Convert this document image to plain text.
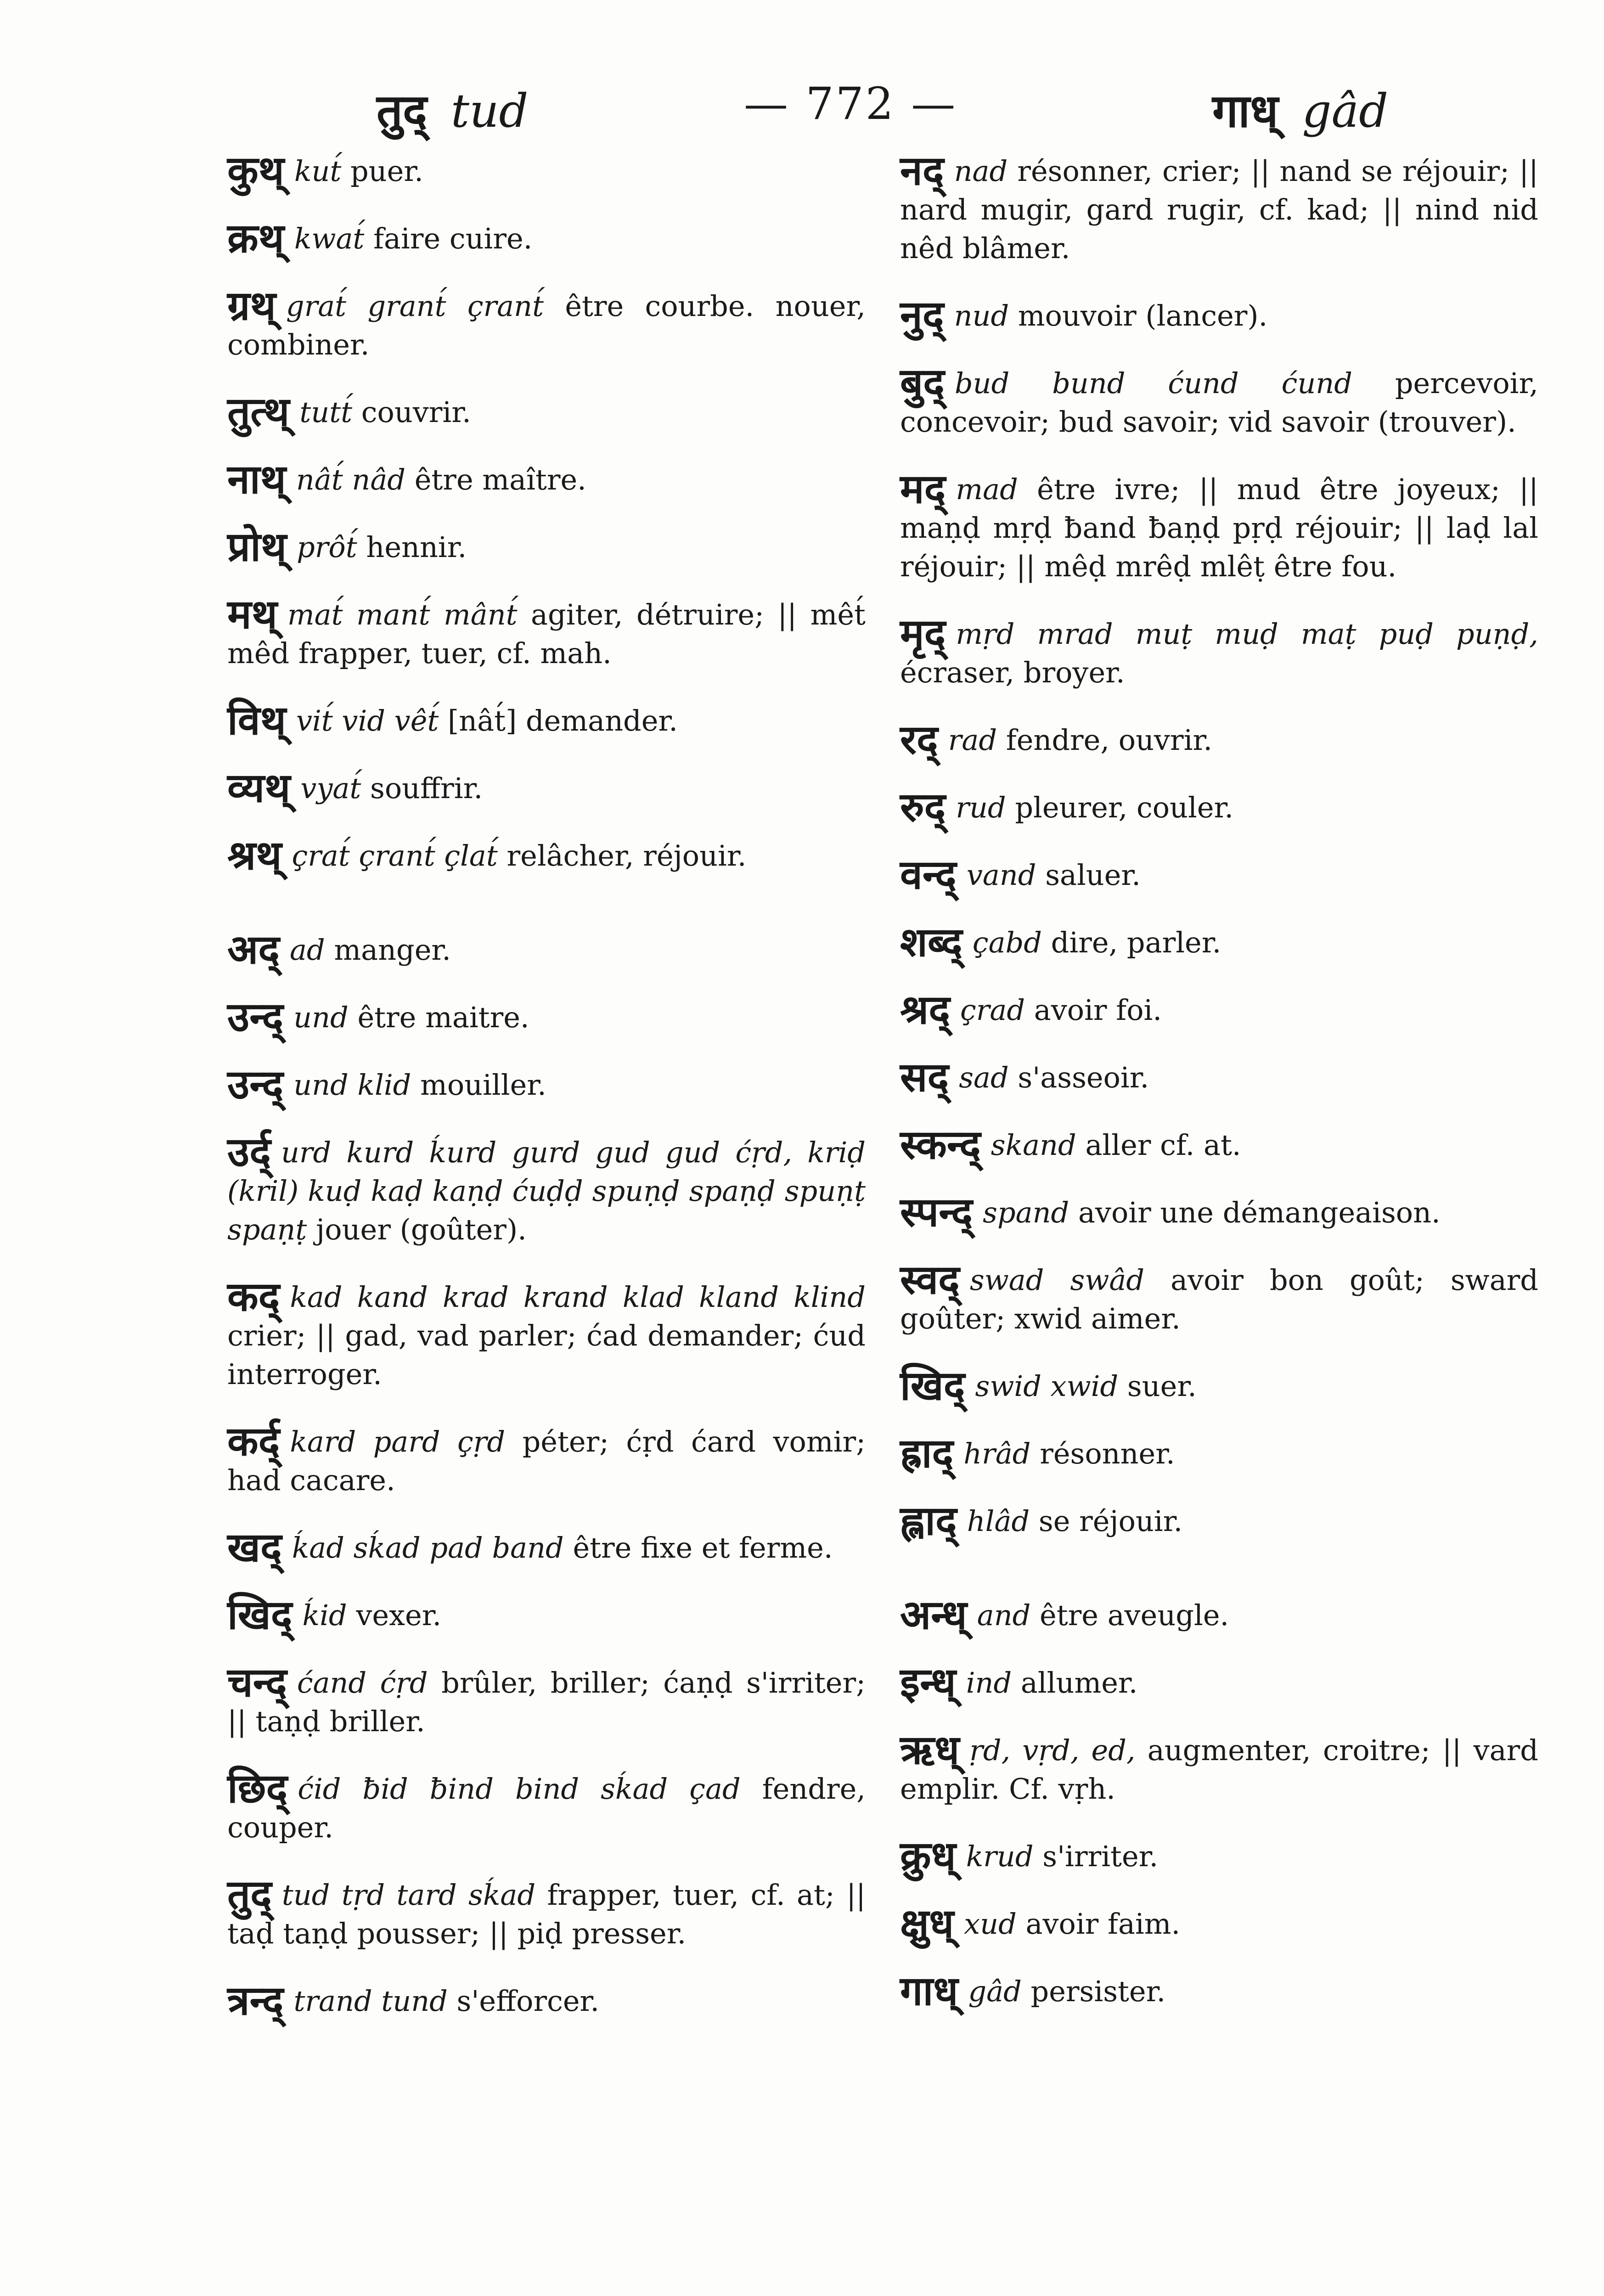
तुद् tud	— 772 —	गाध् gâd
कुथ् kut́ puer.
क्रथ् kwat́ faire cuire.
ग्रथ् grat́ grant́ çrant́ être courbe. nouer, combiner.
तुत्थ् tutt́ couvrir.
नाथ् nât́ nâd être maître.
प्रोथ् prôt́ hennir.
मथ् mat́ mant́ mânt́ agiter, détruire; || mêt́ mêd frapper, tuer, cf. mah.
विथ् vit́ vid vêt́ [nât́] demander.
व्यथ् vyat́ souffrir.
श्रथ् çrat́ çrant́ çlat́ relâcher, réjouir.
अद् ad manger.
उन्द् und être maitre.
उन्द् und klid mouiller.
उर्द् urd kurd ḱurd gurd gud gud ćṛd, kriḍ (kril) kuḍ kaḍ kaṇḍ ćuḍḍ spuṇḍ spaṇḍ spuṇṭ spaṇṭ jouer (goûter).
कद् kad kand krad krand klad kland klind crier; || gad, vad parler; ćad demander; ćud interroger.
कर्द् kard pard çṛd péter; ćṛd ćard vomir; had cacare.
खद् ḱad sḱad pad band être fixe et ferme.
खिद् ḱid vexer.
चन्द् ćand ćṛd brûler, briller; ćaṇḍ s'irriter; || taṇḍ briller.
छिद् ćid ƀid ƀind bind sḱad çad fendre, couper.
तुद् tud tṛd tard sḱad frapper, tuer, cf. at; || taḍ taṇḍ pousser; || piḍ presser.
त्रन्द् trand tund s'efforcer.
नद् nad résonner, crier; || nand se réjouir; || nard mugir, gard rugir, cf. kad; || nind nid nêd blâmer.
नुद् nud mouvoir (lancer).
बुद् bud bund ćund ćund percevoir, concevoir; bud savoir; vid savoir (trouver).
मद् mad être ivre; || mud être joyeux; || maṇḍ mṛḍ ƀand ƀaṇḍ pṛḍ réjouir; || laḍ lal réjouir; || mêḍ mrêḍ mlêṭ être fou.
मृद् mṛd mrad muṭ muḍ maṭ puḍ puṇḍ, écraser, broyer.
रद् rad fendre, ouvrir.
रुद् rud pleurer, couler.
वन्द् vand saluer.
शब्द् çabd dire, parler.
श्रद् çrad avoir foi.
सद् sad s'asseoir.
स्कन्द् skand aller cf. at.
स्पन्द् spand avoir une démangeaison.
स्वद् swad swâd avoir bon goût; sward goûter; xwid aimer.
खिद् swid xwid suer.
ह्राद् hrâd résonner.
ह्लाद् hlâd se réjouir.
अन्ध् and être aveugle.
इन्ध् ind allumer.
ऋध् ṛd, vṛd, ed, augmenter, croitre; || vard emplir. Cf. vṛh.
क्रुध् krud s'irriter.
क्षुध् xud avoir faim.
गाध् gâd persister.
